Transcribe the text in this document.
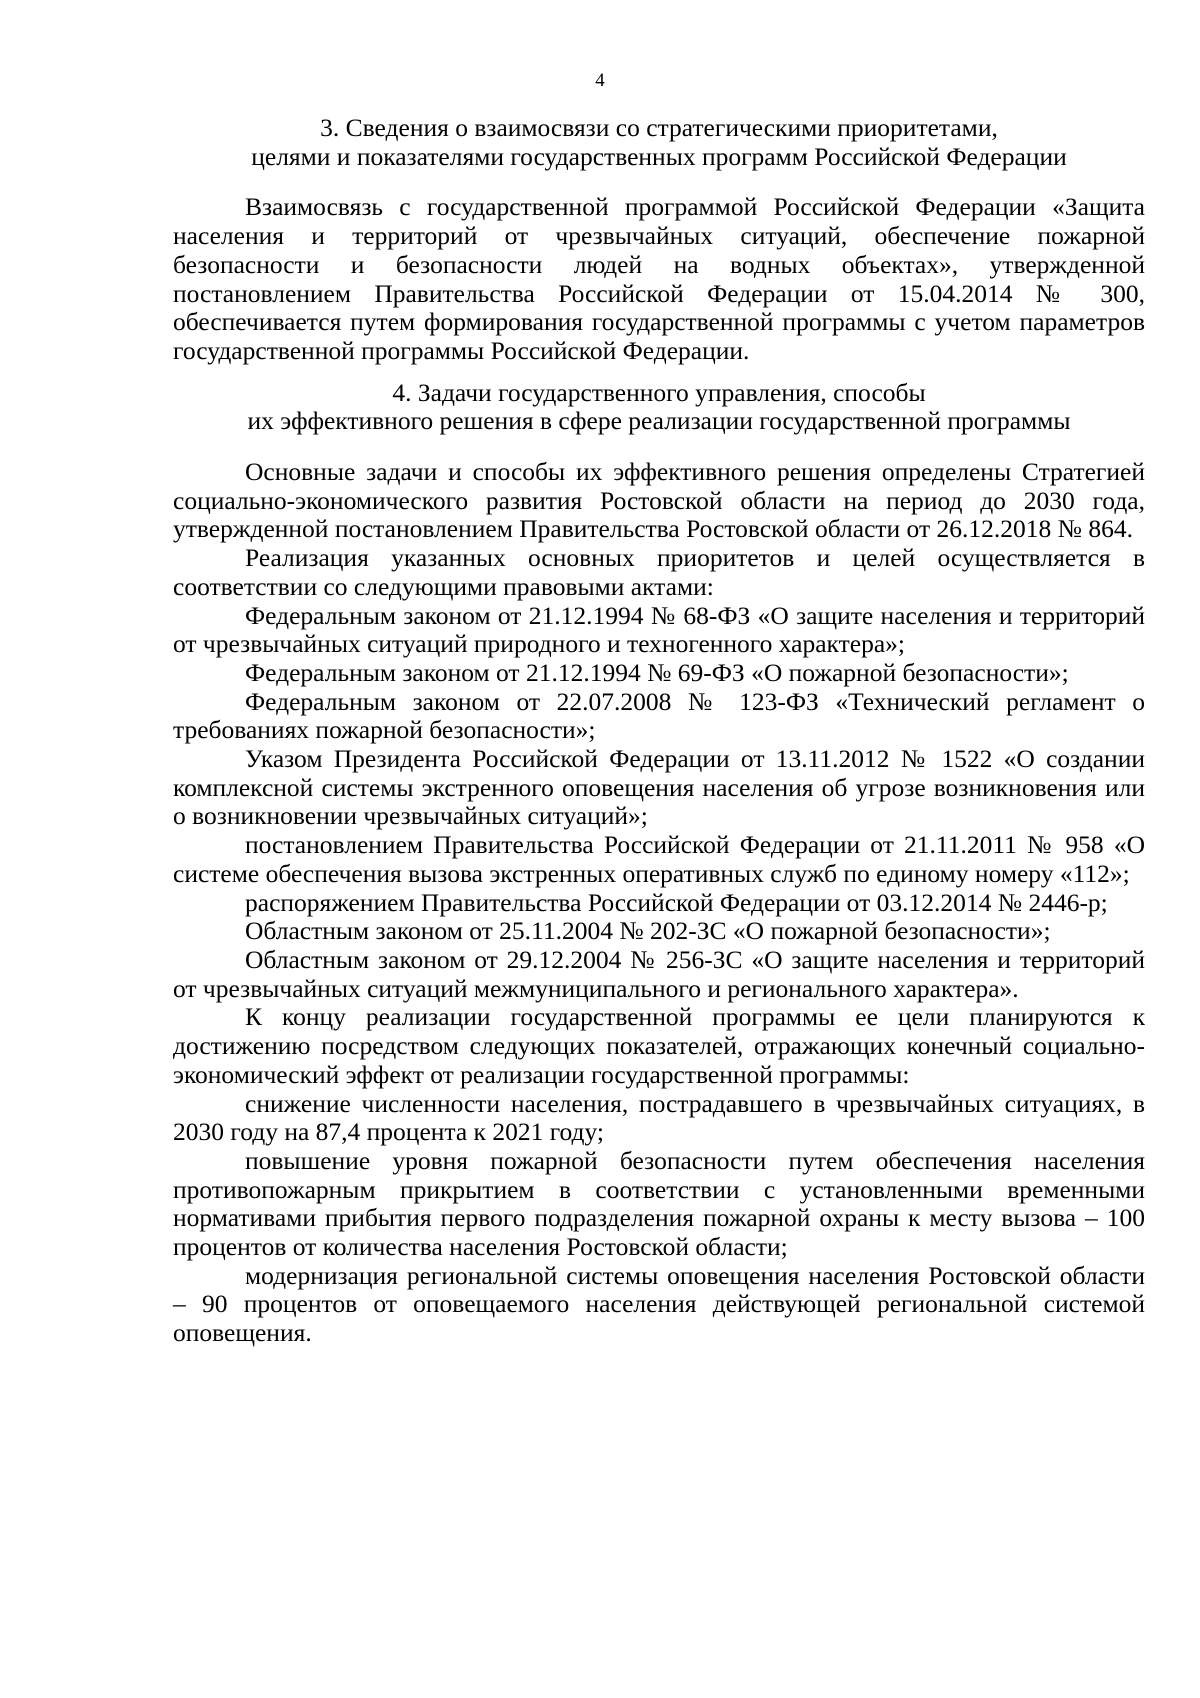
4
3. Сведения о взаимосвязи со стратегическими приоритетами,
целями и показателями государственных программ Российской Федерации

Взаимосвязь с государственной программой Российской Федерации «Защита населения и территорий от чрезвычайных ситуаций, обеспечение пожарной безопасности и безопасности людей на водных объектах», утвержденной постановлением Правительства Российской Федерации от 15.04.2014 № 300, обеспечивается путем формирования государственной программы с учетом параметров государственной программы Российской Федерации.

4. Задачи государственного управления, способы
их эффективного решения в сфере реализации государственной программы

Основные задачи и способы их эффективного решения определены Стратегией социально-экономического развития Ростовской области на период до 2030 года, утвержденной постановлением Правительства Ростовской области от 26.12.2018 № 864.

Реализация указанных основных приоритетов и целей осуществляется в соответствии со следующими правовыми актами:

Федеральным законом от 21.12.1994 № 68-ФЗ «О защите населения и территорий от чрезвычайных ситуаций природного и техногенного характера»;

Федеральным законом от 21.12.1994 № 69-ФЗ «О пожарной безопасности»;

Федеральным законом от 22.07.2008 № 123-ФЗ «Технический регламент о требованиях пожарной безопасности»;

Указом Президента Российской Федерации от 13.11.2012 № 1522 «О создании комплексной системы экстренного оповещения населения об угрозе возникновения или о возникновении чрезвычайных ситуаций»;

постановлением Правительства Российской Федерации от 21.11.2011 № 958 «О системе обеспечения вызова экстренных оперативных служб по единому номеру «112»;

распоряжением Правительства Российской Федерации от 03.12.2014 № 2446-р;

Областным законом от 25.11.2004 № 202-ЗС «О пожарной безопасности»;

Областным законом от 29.12.2004 № 256-ЗС «О защите населения и территорий от чрезвычайных ситуаций межмуниципального и регионального характера».

К концу реализации государственной программы ее цели планируются к достижению посредством следующих показателей, отражающих конечный социально-экономический эффект от реализации государственной программы:

снижение численности населения, пострадавшего в чрезвычайных ситуациях, в 2030 году на 87,4 процента к 2021 году;

повышение уровня пожарной безопасности путем обеспечения населения противопожарным прикрытием в соответствии с установленными временными нормативами прибытия первого подразделения пожарной охраны к месту вызова – 100 процентов от количества населения Ростовской области;

модернизация региональной системы оповещения населения Ростовской области – 90 процентов от оповещаемого населения действующей региональной системой оповещения.
